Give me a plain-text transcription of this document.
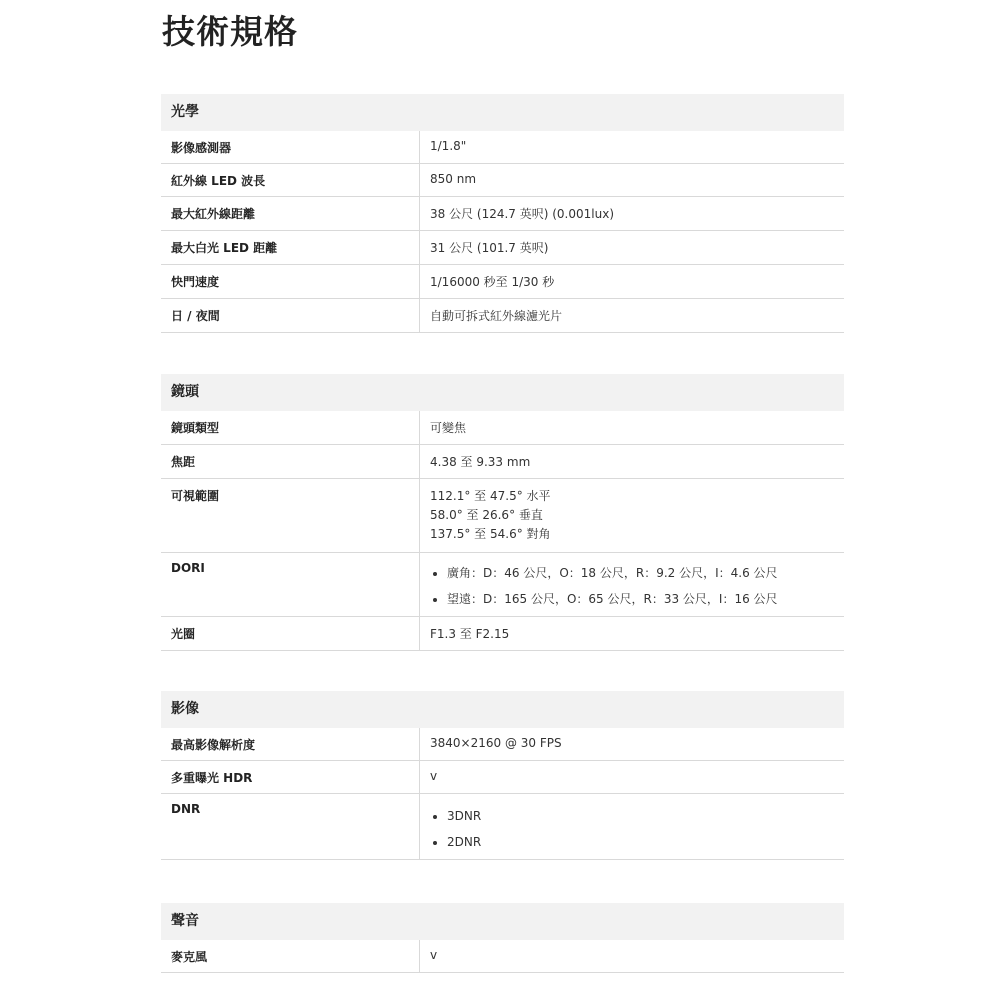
技術規格
光學
影像感測器	1/1.8"
紅外線 LED 波長	850 nm
最大紅外線距離	38 公尺 (124.7 英呎) (0.001lux)
最大白光 LED 距離	31 公尺 (101.7 英呎)
快門速度	1/16000 秒至 1/30 秒
日 / 夜間	自動可拆式紅外線濾光片
鏡頭
鏡頭類型	可變焦
焦距	4.38 至 9.33 mm
可視範圍	112.1° 至 47.5° 水平
58.0° 至 26.6° 垂直
137.5° 至 54.6° 對角
DORI	• 廣角：D：46 公尺，O：18 公尺，R：9.2 公尺，I：4.6 公尺
• 望遠：D：165 公尺，O：65 公尺，R：33 公尺，I：16 公尺
光圈	F1.3 至 F2.15
影像
最高影像解析度	3840×2160 @ 30 FPS
多重曝光 HDR	v
DNR	• 3DNR
• 2DNR
聲音
麥克風	v
